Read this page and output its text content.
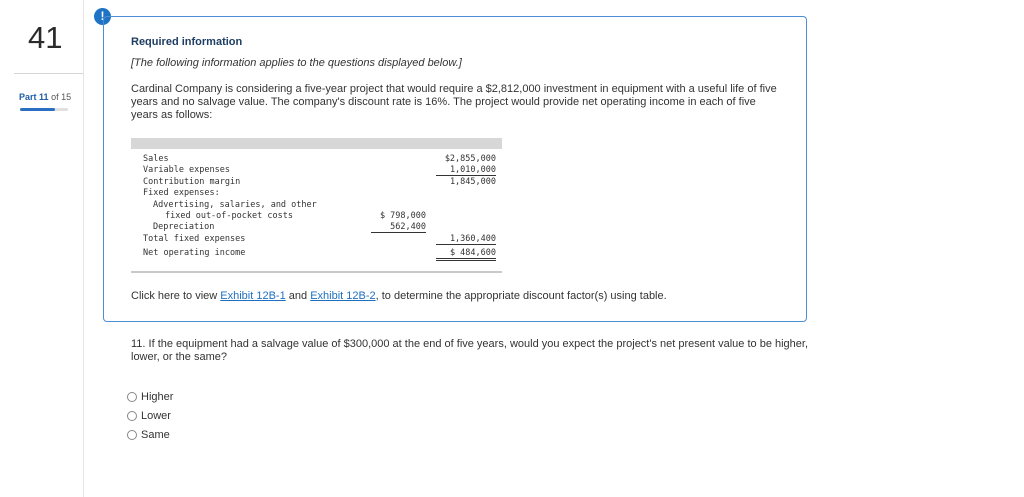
41
Part 11 of 15
!
Required information
[The following information applies to the questions displayed below.]
Cardinal Company is considering a five-year project that would require a $2,812,000 investment in equipment with a useful life of five years and no salvage value. The company's discount rate is 16%. The project would provide net operating income in each of five years as follows:
Sales	$2,855,000
Variable expenses	1,010,000
Contribution margin	1,845,000
Fixed expenses:
Advertising, salaries, and other
fixed out-of-pocket costs	$ 798,000
Depreciation	562,400
Total fixed expenses	1,360,400
Net operating income	$ 484,600
Click here to view Exhibit 12B-1 and Exhibit 12B-2, to determine the appropriate discount factor(s) using table.
11. If the equipment had a salvage value of $300,000 at the end of five years, would you expect the project's net present value to be higher, lower, or the same?
Higher
Lower
Same
